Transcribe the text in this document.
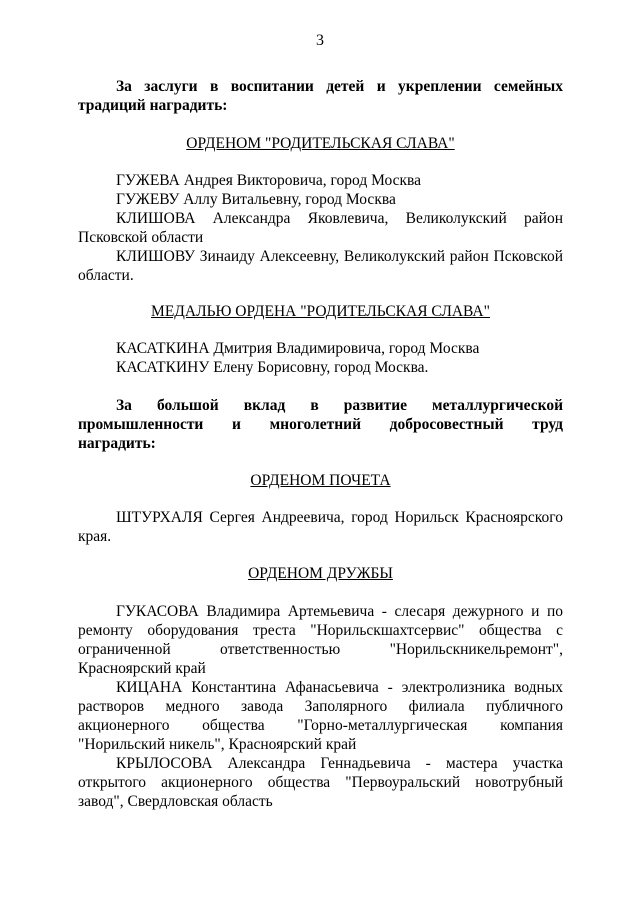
3

За заслуги в воспитании детей и укреплении семейных

традиций наградить:

ОРДЕНОМ "РОДИТЕЛЬСКАЯ СЛАВА"

ГУЖЕВА Андрея Викторовича, город Москва

ГУЖЕВУ Аллу Витальевну, город Москва

КЛИШОВА Александра Яковлевича, Великолукский район Псковской области

КЛИШОВУ Зинаиду Алексеевну, Великолукский район Псковской области.

МЕДАЛЬЮ ОРДЕНА "РОДИТЕЛЬСКАЯ СЛАВА"

КАСАТКИНА Дмитрия Владимировича, город Москва

КАСАТКИНУ Елену Борисовну, город Москва.

За большой вклад в развитие металлургической

промышленности и многолетний добросовестный труд

наградить:

ОРДЕНОМ ПОЧЕТА

ШТУРХАЛЯ Сергея Андреевича, город Норильск Красноярского края.

ОРДЕНОМ ДРУЖБЫ

ГУКАСОВА Владимира Артемьевича - слесаря дежурного и по ремонту оборудования треста "Норильскшахтсервис" общества с ограниченной ответственностью "Норильскникельремонт", Красноярский край

КИЦАНА Константина Афанасьевича - электролизника водных растворов медного завода Заполярного филиала публичного акционерного общества "Горно-металлургическая компания "Норильский никель", Красноярский край

КРЫЛОСОВА Александра Геннадьевича - мастера участка открытого акционерного общества "Первоуральский новотрубный завод", Свердловская область
